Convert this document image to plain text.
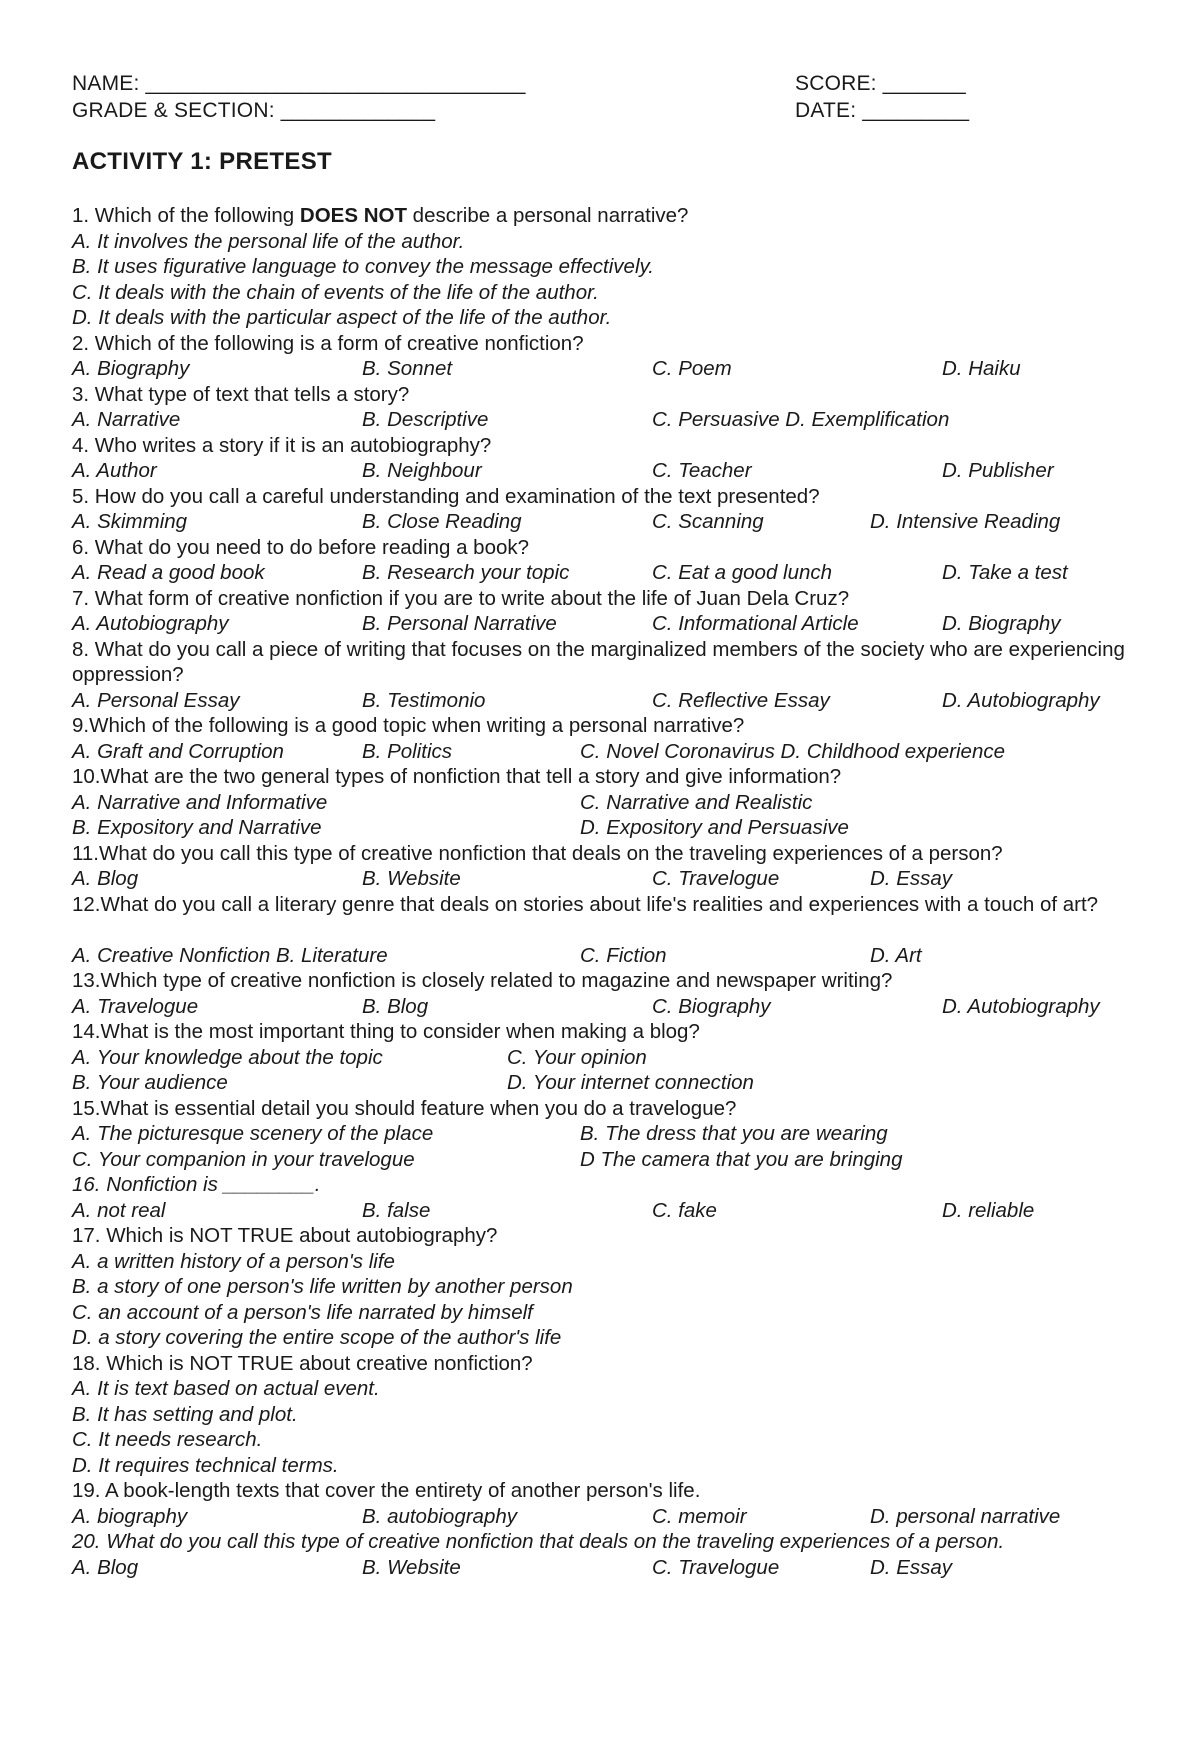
NAME: ________________________________
GRADE & SECTION: _____________
SCORE: _______
DATE: _________
ACTIVITY 1: PRETEST
1. Which of the following DOES NOT describe a personal narrative?
A. It involves the personal life of the author.
B. It uses figurative language to convey the message effectively.
C. It deals with the chain of events of the life of the author.
D. It deals with the particular aspect of the life of the author.
2. Which of the following is a form of creative nonfiction?
A. Biography	B. Sonnet	C. Poem	D. Haiku
3. What type of text that tells a story?
A. Narrative	B. Descriptive	C. Persuasive D. Exemplification
4. Who writes a story if it is an autobiography?
A. Author	B. Neighbour	C. Teacher	D. Publisher
5. How do you call a careful understanding and examination of the text presented?
A. Skimming	B. Close Reading	C. Scanning	D. Intensive Reading
6. What do you need to do before reading a book?
A. Read a good book	B. Research your topic	C. Eat a good lunch	D. Take a test
7. What form of creative nonfiction if you are to write about the life of Juan Dela Cruz?
A. Autobiography	B. Personal Narrative	C. Informational Article	D. Biography
8. What do you call a piece of writing that focuses on the marginalized members of the society who are experiencing oppression?
A. Personal Essay	B. Testimonio	C. Reflective Essay	D. Autobiography
9.Which of the following is a good topic when writing a personal narrative?
A. Graft and Corruption	B. Politics	C. Novel Coronavirus D. Childhood experience
10.What are the two general types of nonfiction that tell a story and give information?
A. Narrative and Informative	C. Narrative and Realistic
B. Expository and Narrative	D. Expository and Persuasive
11.What do you call this type of creative nonfiction that deals on the traveling experiences of a person?
A. Blog	B. Website	C. Travelogue	D. Essay
12.What do you call a literary genre that deals on stories about life's realities and experiences with a touch of art?
A. Creative Nonfiction B. Literature	C. Fiction	D. Art
13.Which type of creative nonfiction is closely related to magazine and newspaper writing?
A. Travelogue	B. Blog	C. Biography	D. Autobiography
14.What is the most important thing to consider when making a blog?
A. Your knowledge about the topic	C. Your opinion
B. Your audience	D. Your internet connection
15.What is essential detail you should feature when you do a travelogue?
A. The picturesque scenery of the place	B. The dress that you are wearing
C. Your companion in your travelogue	D The camera that you are bringing
16. Nonfiction is ________.
A. not real	B. false	C. fake	D. reliable
17. Which is NOT TRUE about autobiography?
A. a written history of a person's life
B. a story of one person's life written by another person
C. an account of a person's life narrated by himself
D. a story covering the entire scope of the author's life
18. Which is NOT TRUE about creative nonfiction?
A. It is text based on actual event.
B. It has setting and plot.
C. It needs research.
D. It requires technical terms.
19. A book-length texts that cover the entirety of another person's life.
A. biography	B. autobiography	C. memoir	D. personal narrative
20. What do you call this type of creative nonfiction that deals on the traveling experiences of a person.
A. Blog	B. Website	C. Travelogue	D. Essay
